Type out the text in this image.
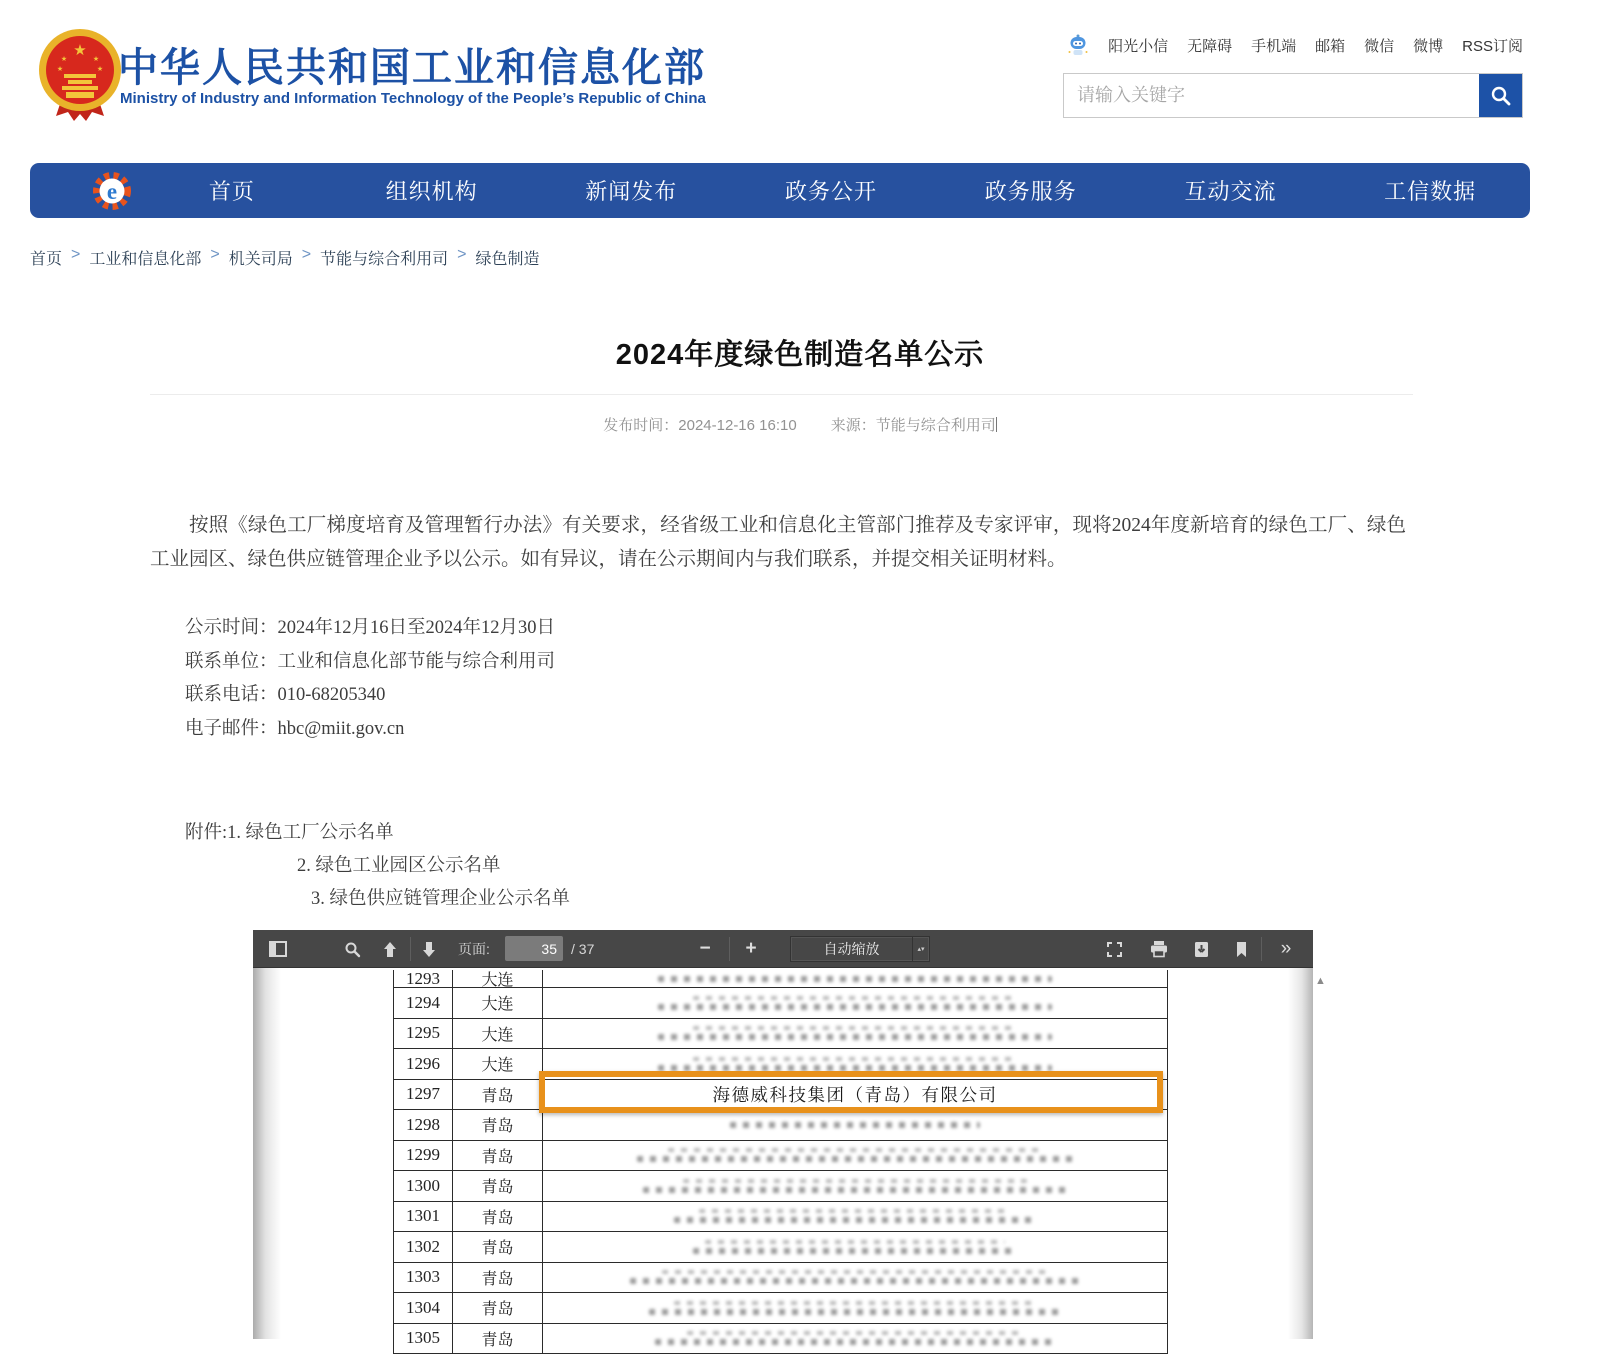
★
★	★
★	★ 中华人民共和国工业和信息化部
Ministry of Industry and Information Technology of the People’s Republic of China
阳光小信 无障碍 手机端 邮箱 微信 微博 RSS订阅
请输入关键字
e	首页	组织机构	新闻发布	政务公开	政务服务	互动交流	工信数据
首页 > 工业和信息化部 > 机关司局 > 节能与综合利用司 > 绿色制造
2024年度绿色制造名单公示
发布时间：2024-12-16 16:10 来源：节能与综合利用司
按照《绿色工厂梯度培育及管理暂行办法》有关要求，经省级工业和信息化主管部门推荐及专家评审，现将2024年度新培育的绿色工厂、绿色工业园区、绿色供应链管理企业予以公示。如有异议，请在公示期间内与我们联系，并提交相关证明材料。
公示时间：2024年12月16日至2024年12月30日
联系单位：工业和信息化部节能与综合利用司
联系电话：010-68205340
电子邮件：hbc@miit.gov.cn
附件:1. 绿色工厂公示名单
2. 绿色工业园区公示名单
3. 绿色供应链管理企业公示名单
页面:
35	/ 37	−	+	自动缩放	▴▾	»
1293	大连
1294	大连
1295	大连
1296	大连
1297	青岛	海德威科技集团（青岛）有限公司
1298	青岛
1299	青岛
1300	青岛
1301	青岛
1302	青岛
1303	青岛
1304	青岛
1305	青岛
▲
